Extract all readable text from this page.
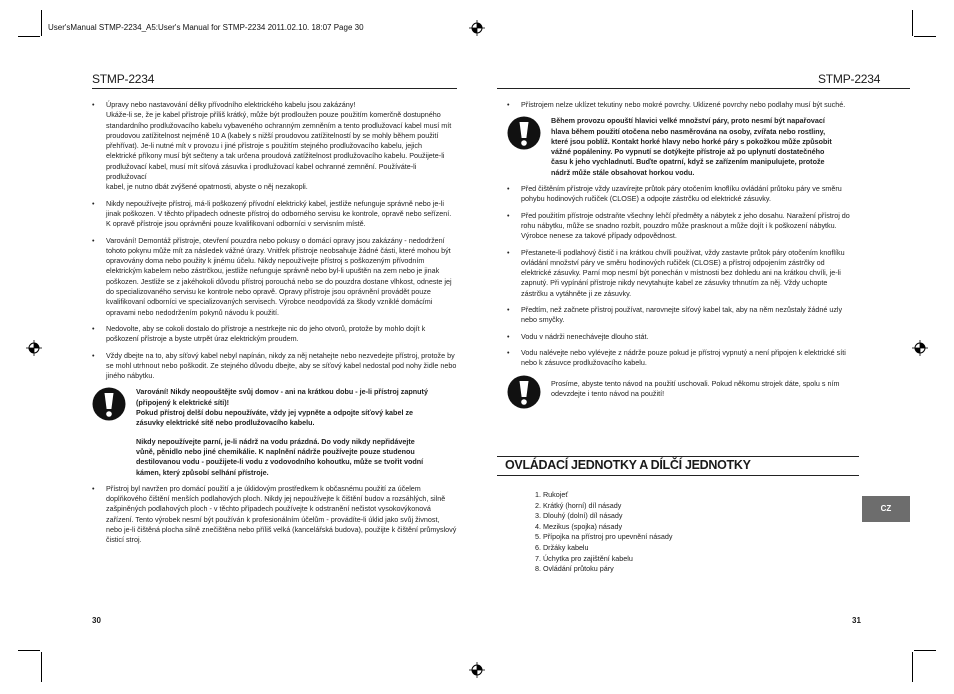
User'sManual STMP-2234_A5:User's Manual for STMP-2234 2011.02.10. 18:07 Page 30
STMP-2234
• Úpravy nebo nastavování délky přívodního elektrického kabelu jsou zakázány!
Ukáže-li se, že je kabel přístroje příliš krátký, může být prodloužen pouze použitím komerčně dostupného
standardního prodlužovacího kabelu vybaveného ochranným zemněním a tento prodlužovací kabel musí mít
proudovou zatížitelnost nejméně 10 A (kabely s nižší proudovou zatížitelností by se mohly během použití
přehřívat). Je-li nutné mít v provozu i jiné přístroje s použitím stejného prodlužovacího kabelu, jejich
elektrické příkony musí být sečteny a tak určena proudová zatížitelnost prodlužovacího kabelu. Použijete-li
prodlužovací kabel, musí mít síťová zásuvka i prodlužovací kabel ochranné zemnění. Používáte-li prodlužovací
kabel, je nutno dbát zvýšené opatrnosti, abyste o něj nezakopli.
• Nikdy nepoužívejte přístroj, má-li poškozený přívodní elektrický kabel, jestliže nefunguje správně nebo je-li
jinak poškozen. V těchto případech odneste přístroj do odborného servisu ke kontrole, opravě nebo seřízení.
K opravě přístroje jsou oprávněni pouze kvalifikovaní odborníci v servisním místě.
• Varování! Demontáž přístroje, otevření pouzdra nebo pokusy o domácí opravy jsou zakázány - nedodržení
tohoto pokynu může mít za následek vážné úrazy. Vnitřek přístroje neobsahuje žádné části, které mohou být
opravovány doma nebo použity k jinému účelu. Nikdy nepoužívejte přístroj s poškozeným přívodním
elektrickým kabelem nebo zástrčkou, jestliže nefunguje správně nebo byl-li upuštěn na zem nebo je jinak
poškozen. Jestliže se z jakéhokoli důvodu přístroj porouchá nebo se do pouzdra dostane vlhkost, odneste jej
do specializovaného servisu ke kontrole nebo opravě. Opravy přístroje jsou oprávnění provádět pouze
kvalifikovaní odborníci ve specializovaných servisech. Výrobce neodpovídá za škody vzniklé domácími
opravami nebo nedodržením pokynů návodu k použití.
• Nedovolte, aby se cokoli dostalo do přístroje a nestrkejte nic do jeho otvorů, protože by mohlo dojít k
poškození přístroje a byste utrpět úraz elektrickým proudem.
• Vždy dbejte na to, aby síťový kabel nebyl napínán, nikdy za něj netahejte nebo nezvedejte přístroj, protože by
se mohl utrhnout nebo poškodit. Ze stejného důvodu dbejte, aby se síťový kabel nedostal pod nohy židle nebo
jiného nábytku.
Varování! Nikdy neopouštějte svůj domov - ani na krátkou dobu - je-li přístroj zapnutý
(připojený k elektrické síti)!
Pokud přístroj delší dobu nepoužíváte, vždy jej vypněte a odpojte síťový kabel ze
zásuvky elektrické sítě nebo prodlužovacího kabelu.
Nikdy nepoužívejte parní, je-li nádrž na vodu prázdná. Do vody nikdy nepřidávejte
vůně, pěnidlo nebo jiné chemikálie. K naplnění nádrže používejte pouze studenou
destilovanou vodu - použijete-li vodu z vodovodního kohoutku, může se tvořit vodní
kámen, který způsobí selhání přístroje.
• Přístroj byl navržen pro domácí použití a je úklidovým prostředkem k občasnému použití za účelem
doplňkového čištění menších podlahových ploch. Nikdy jej nepoužívejte k čištění budov a rozsáhlých, silně
zašpiněných podlahových ploch - v těchto případech používejte k odstranění nečistot vysokovýkonová
zařízení. Tento výrobek nesmí být používán k profesionálním účelům - provádíte-li úklid jako svůj živnost,
nebo je-li čištěná plocha silně znečištěna nebo příliš velká (kancelářská budova), použijte k čištění průmyslový
čisticí stroj.
30
STMP-2234
• Přístrojem nelze uklízet tekutiny nebo mokré povrchy. Uklizené povrchy nebo podlahy musí být suché.
Během provozu opouští hlavici velké množství páry, proto nesmí být napařovací
hlava během použití otočena nebo nasměrována na osoby, zvířata nebo rostliny,
které jsou poblíž. Kontakt horké hlavy nebo horké páry s pokožkou může způsobit
vážné popáleniny. Po vypnutí se dotýkejte přístroje až po uplynutí dostatečného
času k jeho vychladnutí. Buďte opatrní, když se zařízením manipulujete, protože
nádrž může stále obsahovat horkou vodu.
• Před čištěním přístroje vždy uzavírejte průtok páry otočením knoflíku ovládání průtoku páry ve směru
pohybu hodinových ručiček (CLOSE) a odpojte zástrčku od elektrické zásuvky.
• Před použitím přístroje odstraňte všechny lehčí předměty a nábytek z jeho dosahu. Naražení přístroj do
rohu nábytku, může se snadno rozbít, pouzdro může prasknout a může dojít i k poškození nábytku.
Výrobce nenese za takové případy odpovědnost.
• Přestanete-li podlahový čistič i na krátkou chvíli používat, vždy zastavte průtok páry otočením knoflíku
ovládání množství páry ve směru hodinových ručiček (CLOSE) a přístroj odpojením zástrčky od
elektrické zásuvky. Parní mop nesmí být ponechán v místnosti bez dohledu ani na krátkou chvíli, je-li
zapnutý. Při vypínání přístroje nikdy nevytahujte kabel ze zásuvky trhnutím za něj. Vždy uchopte
zástrčku a vytáhněte ji ze zásuvky.
• Předtím, než začnete přístroj používat, narovnejte síťový kabel tak, aby na něm nezůstaly žádné uzly
nebo smyčky.
• Vodu v nádrži nenechávejte dlouho stát.
• Vodu nalévejte nebo vylévejte z nádrže pouze pokud je přístroj vypnutý a není připojen k elektrické síti
nebo k zásuvce prodlužovacího kabelu.
Prosíme, abyste tento návod na použití uschovali. Pokud někomu strojek dáte, spolu s ním
odevzdejte i tento návod na použití!
OVLÁDACÍ JEDNOTKY A DÍLČÍ JEDNOTKY
1. Rukojeť
2. Krátký (horní) díl násady
3. Dlouhý (dolní) díl násady
4. Mezikus (spojka) násady
5. Přípojka na přístroj pro upevnění násady
6. Držáky kabelu
7. Úchytka pro zajištění kabelu
8. Ovládání průtoku páry
CZ
31
